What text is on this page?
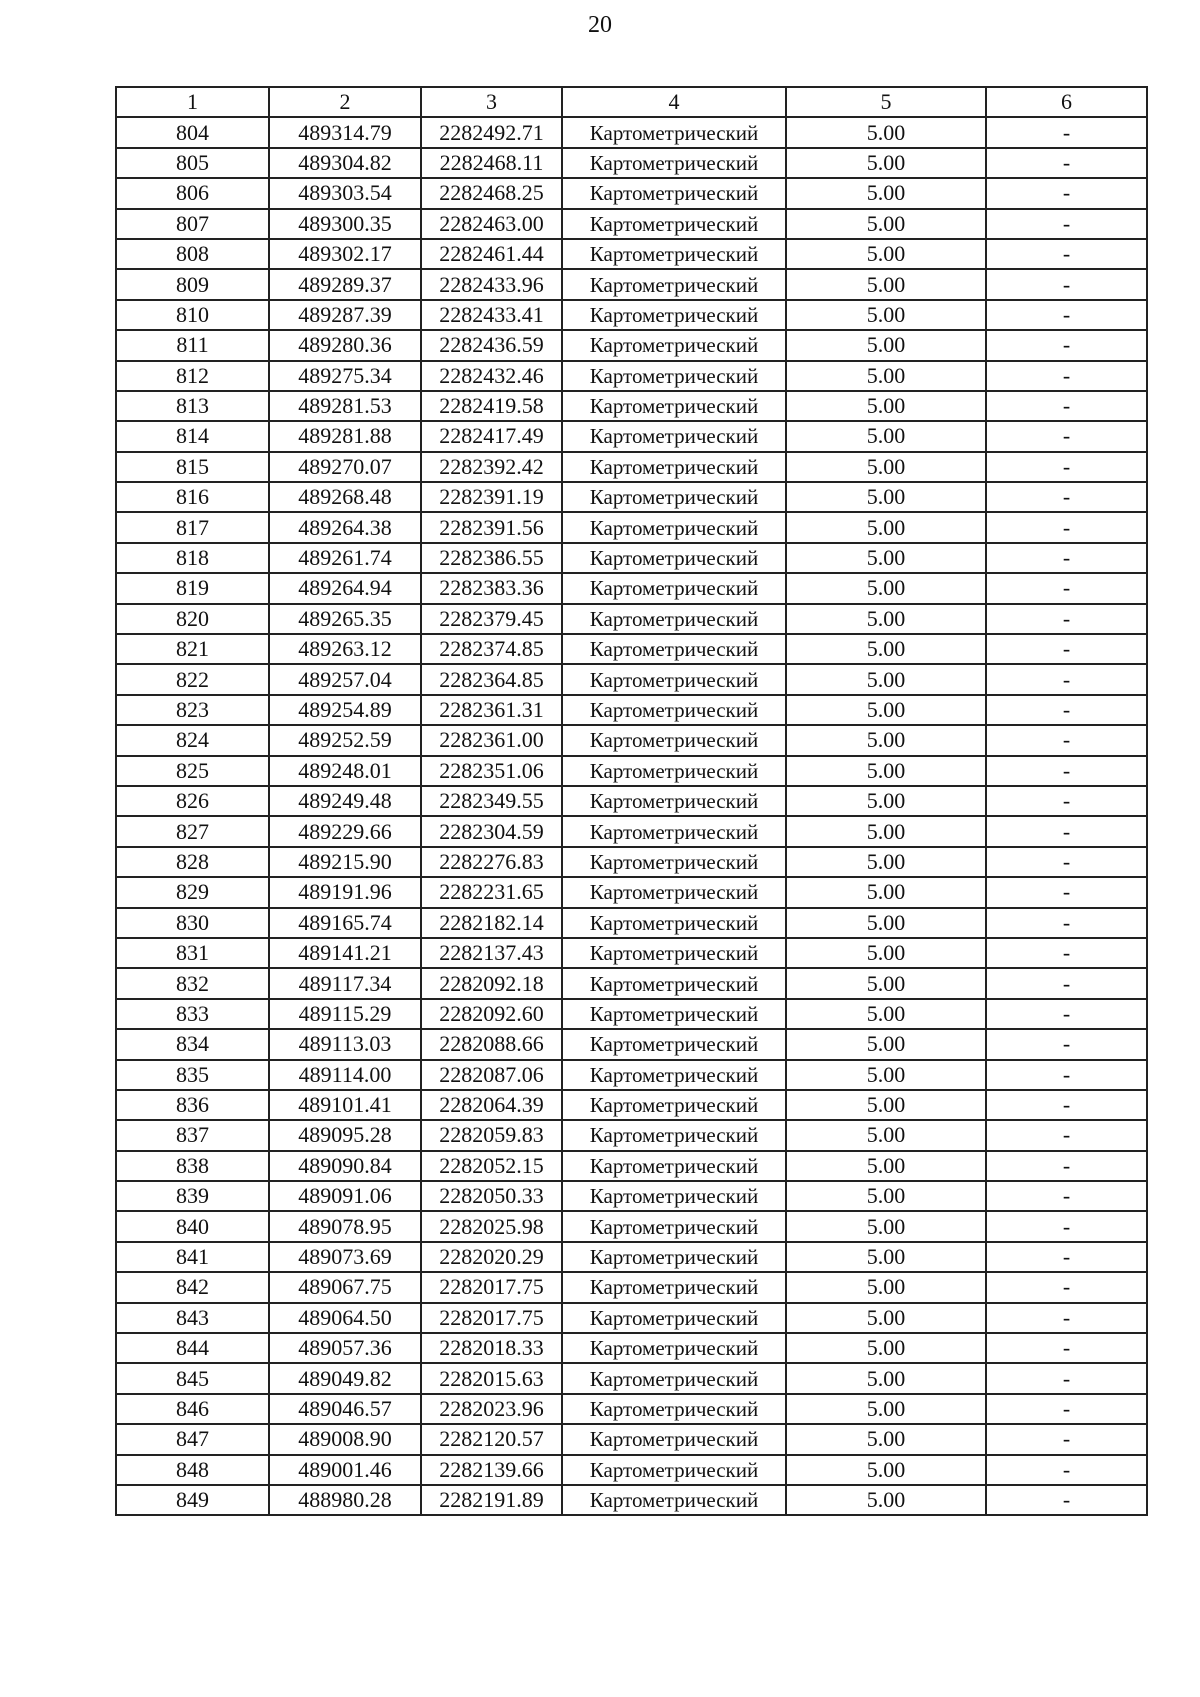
20
1	2	3	4	5	6
804	489314.79	2282492.71	Картометрический	5.00	-
805	489304.82	2282468.11	Картометрический	5.00	-
806	489303.54	2282468.25	Картометрический	5.00	-
807	489300.35	2282463.00	Картометрический	5.00	-
808	489302.17	2282461.44	Картометрический	5.00	-
809	489289.37	2282433.96	Картометрический	5.00	-
810	489287.39	2282433.41	Картометрический	5.00	-
811	489280.36	2282436.59	Картометрический	5.00	-
812	489275.34	2282432.46	Картометрический	5.00	-
813	489281.53	2282419.58	Картометрический	5.00	-
814	489281.88	2282417.49	Картометрический	5.00	-
815	489270.07	2282392.42	Картометрический	5.00	-
816	489268.48	2282391.19	Картометрический	5.00	-
817	489264.38	2282391.56	Картометрический	5.00	-
818	489261.74	2282386.55	Картометрический	5.00	-
819	489264.94	2282383.36	Картометрический	5.00	-
820	489265.35	2282379.45	Картометрический	5.00	-
821	489263.12	2282374.85	Картометрический	5.00	-
822	489257.04	2282364.85	Картометрический	5.00	-
823	489254.89	2282361.31	Картометрический	5.00	-
824	489252.59	2282361.00	Картометрический	5.00	-
825	489248.01	2282351.06	Картометрический	5.00	-
826	489249.48	2282349.55	Картометрический	5.00	-
827	489229.66	2282304.59	Картометрический	5.00	-
828	489215.90	2282276.83	Картометрический	5.00	-
829	489191.96	2282231.65	Картометрический	5.00	-
830	489165.74	2282182.14	Картометрический	5.00	-
831	489141.21	2282137.43	Картометрический	5.00	-
832	489117.34	2282092.18	Картометрический	5.00	-
833	489115.29	2282092.60	Картометрический	5.00	-
834	489113.03	2282088.66	Картометрический	5.00	-
835	489114.00	2282087.06	Картометрический	5.00	-
836	489101.41	2282064.39	Картометрический	5.00	-
837	489095.28	2282059.83	Картометрический	5.00	-
838	489090.84	2282052.15	Картометрический	5.00	-
839	489091.06	2282050.33	Картометрический	5.00	-
840	489078.95	2282025.98	Картометрический	5.00	-
841	489073.69	2282020.29	Картометрический	5.00	-
842	489067.75	2282017.75	Картометрический	5.00	-
843	489064.50	2282017.75	Картометрический	5.00	-
844	489057.36	2282018.33	Картометрический	5.00	-
845	489049.82	2282015.63	Картометрический	5.00	-
846	489046.57	2282023.96	Картометрический	5.00	-
847	489008.90	2282120.57	Картометрический	5.00	-
848	489001.46	2282139.66	Картометрический	5.00	-
849	488980.28	2282191.89	Картометрический	5.00	-
